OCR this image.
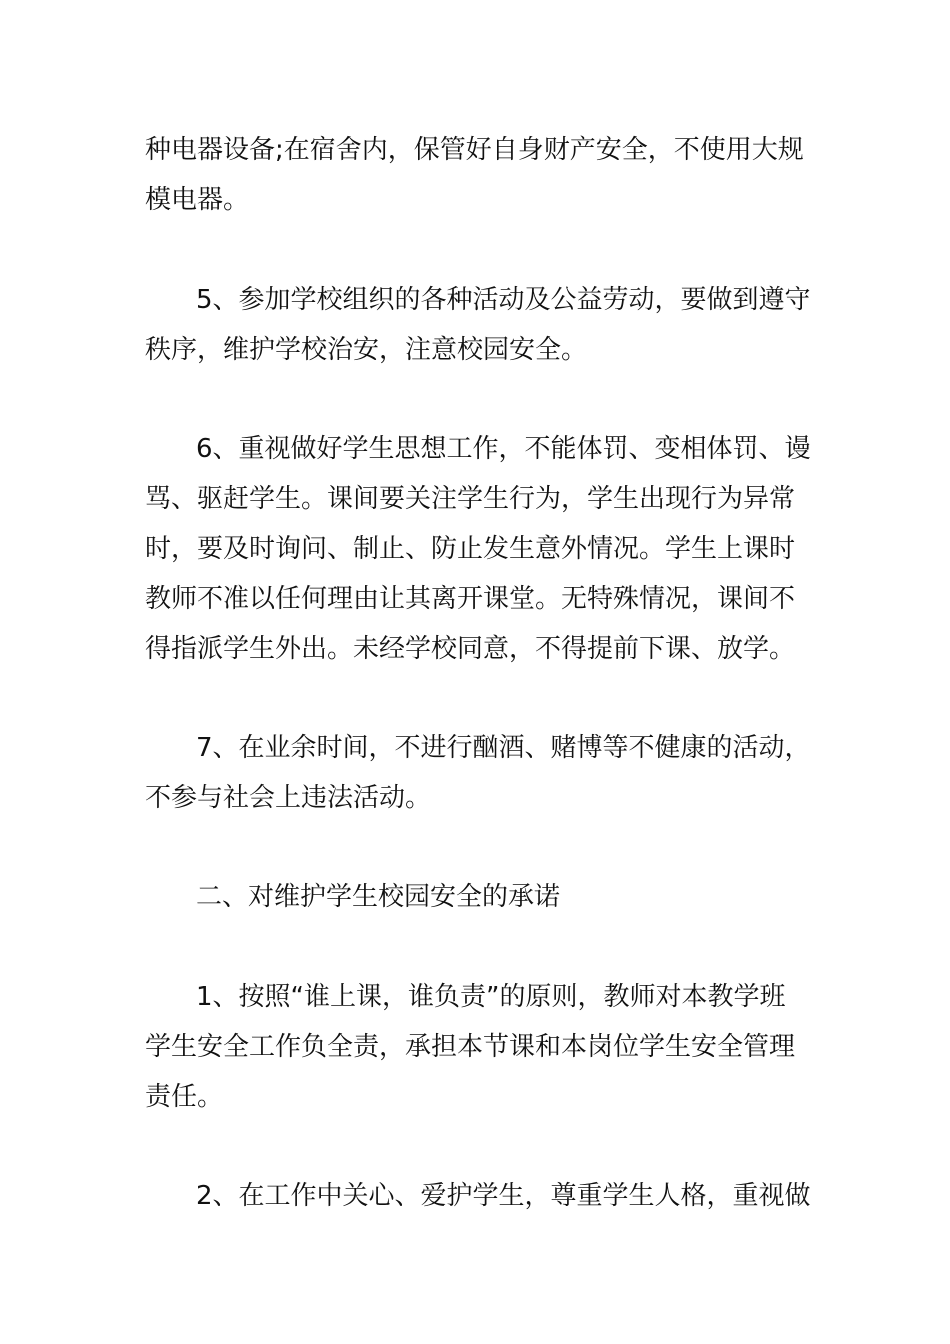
种电器设备;在宿舍内，保管好自身财产安全，不使用大规
模电器。
5、参加学校组织的各种活动及公益劳动，要做到遵守
秩序，维护学校治安，注意校园安全。
6、重视做好学生思想工作，不能体罚、变相体罚、谩
骂、驱赶学生。课间要关注学生行为，学生出现行为异常
时，要及时询问、制止、防止发生意外情况。学生上课时
教师不准以任何理由让其离开课堂。无特殊情况，课间不
得指派学生外出。未经学校同意，不得提前下课、放学。
7、在业余时间，不进行酗酒、赌博等不健康的活动，
不参与社会上违法活动。
二、对维护学生校园安全的承诺
1、按照“谁上课，谁负责”的原则，教师对本教学班
学生安全工作负全责，承担本节课和本岗位学生安全管理
责任。
2、在工作中关心、爱护学生，尊重学生人格，重视做
